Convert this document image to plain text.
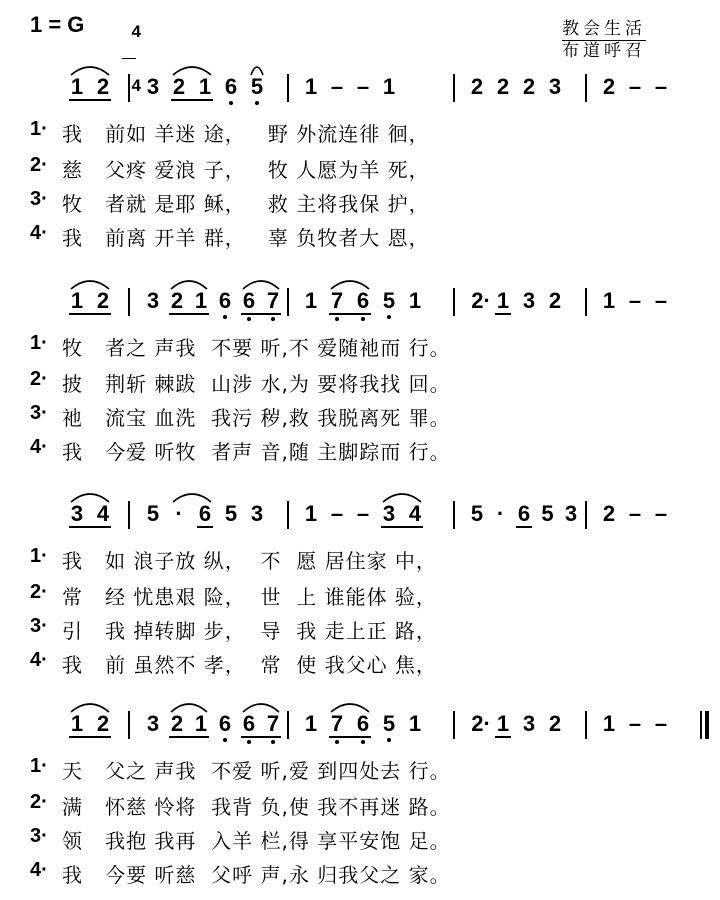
1 = G	4

4

教会生活
布道呼召
1 2 3 2 1 6 5 1 – – 1	2 2 2 3 2 – –
1· 我   前如 羊迷 途，   野 外流连徘 徊，
2· 慈   父疼 爱浪 子，   牧 人愿为羊 死，
3· 牧   者就 是耶 稣，   救 主将我保 护，
4· 我   前离 开羊 群，   辜 负牧者大 恩，
1 2 3 2 1 6 6 7 1 7 6 5 1 2· 1 3 2 1 – –
1· 牧   者之 声我  不要 听,不 爱随祂而 行。
2· 披   荆斩 棘跋  山涉 水,为 要将我找 回。
3· 祂   流宝 血洗  我污 秽,救 我脱离死 罪。
4· 我   今爱 听牧  者声 音,随 主脚踪而 行。
3 4 5 · 6 5 3 1 – – 3 4 5 · 6 5 3 2 – –
1· 我   如 浪子放 纵，  不  愿 居住家 中，
2· 常   经 忧患艰 险，  世  上 谁能体 验，
3· 引   我 掉转脚 步，  导  我 走上正 路，
4· 我   前 虽然不 孝，  常  使 我父心 焦，
1 2 3 2 1 6 6 7 1 7 6 5 1 2· 1 3 2 1 – –
1· 天   父之 声我  不爱 听,爱 到四处去 行。
2· 满   怀慈 怜将  我背 负,使 我不再迷 路。
3· 领   我抱 我再  入羊 栏,得 享平安饱 足。
4· 我   今要 听慈  父呼 声,永 归我父之 家。
